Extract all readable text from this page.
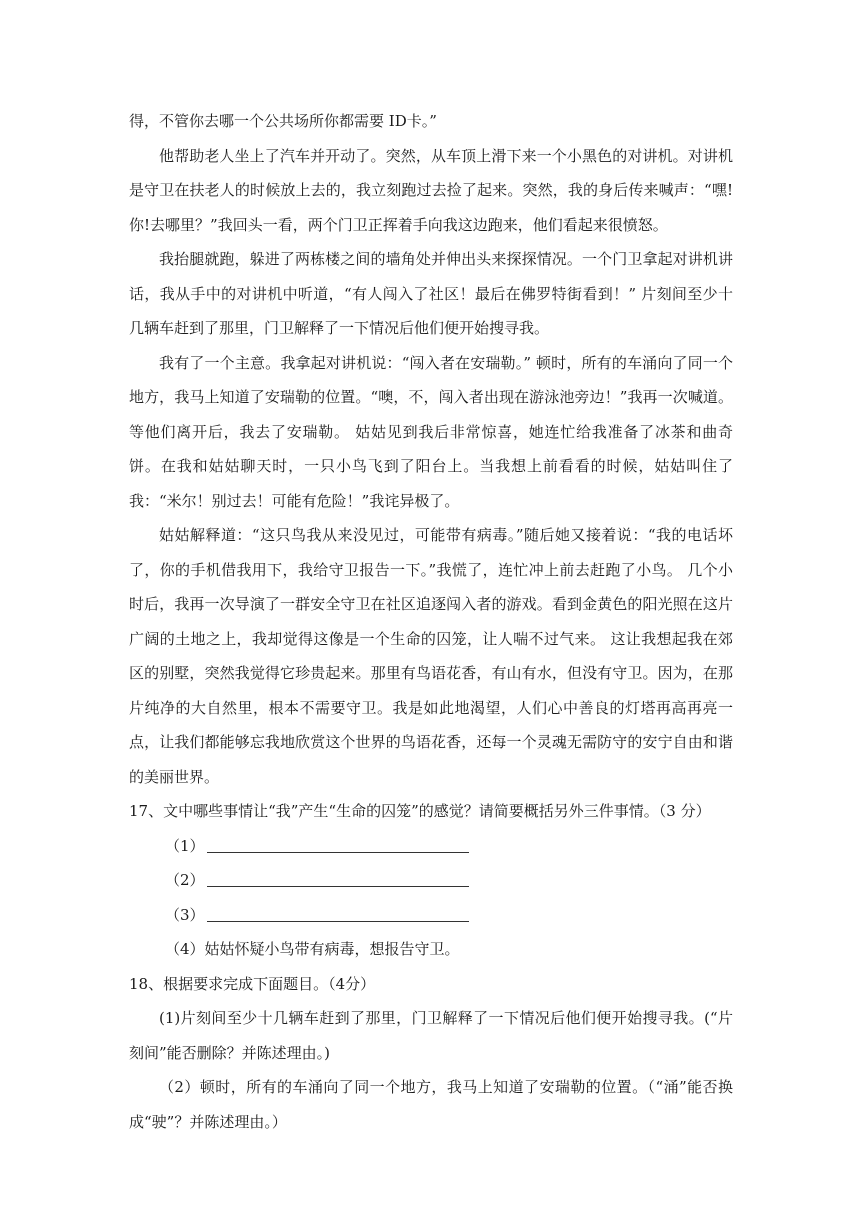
得，不管你去哪一个公共场所你都需要 ID卡。”

他帮助老人坐上了汽车并开动了。突然，从车顶上滑下来一个小黑色的对讲机。对讲机是守卫在扶老人的时候放上去的，我立刻跑过去捡了起来。突然，我的身后传来喊声：“嘿!你!去哪里？”我回头一看，两个门卫正挥着手向我这边跑来，他们看起来很愤怒。

我抬腿就跑，躲进了两栋楼之间的墙角处并伸出头来探探情况。一个门卫拿起对讲机讲话，我从手中的对讲机中听道，“有人闯入了社区！最后在佛罗特街看到！” 片刻间至少十几辆车赶到了那里，门卫解释了一下情况后他们便开始搜寻我。

我有了一个主意。我拿起对讲机说：“闯入者在安瑞勒。” 顿时，所有的车涌向了同一个地方，我马上知道了安瑞勒的位置。“噢，不，闯入者出现在游泳池旁边！”我再一次喊道。等他们离开后，我去了安瑞勒。 姑姑见到我后非常惊喜，她连忙给我准备了冰茶和曲奇饼。在我和姑姑聊天时，一只小鸟飞到了阳台上。当我想上前看看的时候，姑姑叫住了我：“米尔！别过去！可能有危险！”我诧异极了。

姑姑解释道：“这只鸟我从来没见过，可能带有病毒。”随后她又接着说：“我的电话坏了，你的手机借我用下，我给守卫报告一下。”我慌了，连忙冲上前去赶跑了小鸟。 几个小时后，我再一次导演了一群安全守卫在社区追逐闯入者的游戏。看到金黄色的阳光照在这片广阔的土地之上，我却觉得这像是一个生命的囚笼，让人喘不过气来。 这让我想起我在郊区的别墅，突然我觉得它珍贵起来。那里有鸟语花香，有山有水，但没有守卫。因为，在那片纯净的大自然里，根本不需要守卫。我是如此地渴望，人们心中善良的灯塔再高再亮一点，让我们都能够忘我地欣赏这个世界的鸟语花香，还每一个灵魂无需防守的安宁自由和谐的美丽世界。

17、文中哪些事情让“我”产生“生命的囚笼”的感觉？请简要概括另外三件事情。（3 分）

（1）

（2）

（3）

（4）姑姑怀疑小鸟带有病毒，想报告守卫。

18、根据要求完成下面题目。（4分）

(1)片刻间至少十几辆车赶到了那里，门卫解释了一下情况后他们便开始搜寻我。(“片刻间”能否删除？并陈述理由。)

（2）顿时，所有的车涌向了同一个地方，我马上知道了安瑞勒的位置。（“涌”能否换成“驶”？并陈述理由。）
